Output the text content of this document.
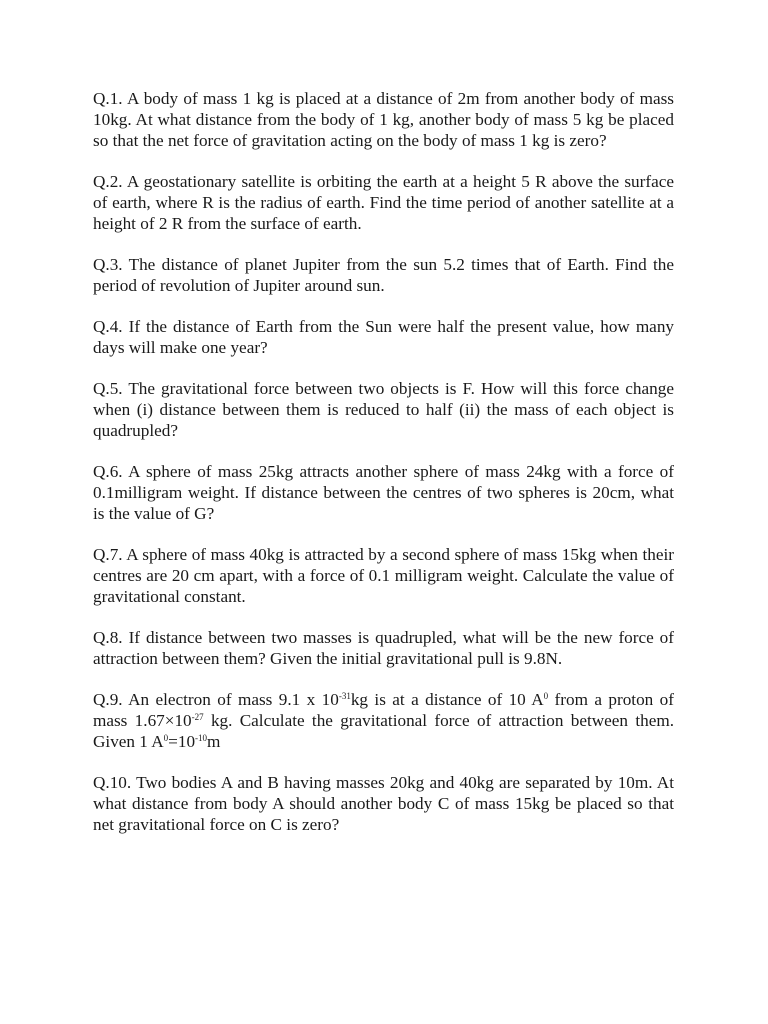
Q.1. A body of mass 1 kg is placed at a distance of 2m from another body of mass 10kg. At what distance from the body of 1 kg, another body of mass 5 kg be placed so that the net force of gravitation acting on the body of mass 1 kg is zero?

Q.2. A geostationary satellite is orbiting the earth at a height 5 R above the surface of earth, where R is the radius of earth. Find the time period of another satellite at a height of 2 R from the surface of earth.

Q.3. The distance of planet Jupiter from the sun 5.2 times that of Earth. Find the period of revolution of Jupiter around sun.

Q.4. If the distance of Earth from the Sun were half the present value, how many days will make one year?

Q.5. The gravitational force between two objects is F. How will this force change when (i) distance between them is reduced to half (ii) the mass of each object is quadrupled?

Q.6. A sphere of mass 25kg attracts another sphere of mass 24kg with a force of 0.1milligram weight. If distance between the centres of two spheres is 20cm, what is the value of G?

Q.7. A sphere of mass 40kg is attracted by a second sphere of mass 15kg when their centres are 20 cm apart, with a force of 0.1 milligram weight. Calculate the value of gravitational constant.

Q.8. If distance between two masses is quadrupled, what will be the new force of attraction between them? Given the initial gravitational pull is 9.8N.

Q.9. An electron of mass 9.1 x $10^{-31}kg$ is at a distance of 10 $A^0$ from a proton of mass $1.67\times 10^{-27}$ kg. Calculate the gravitational force of attraction between them. Given 1 $A^0=10^{-10}m$

Q.10. Two bodies A and B having masses 20kg and 40kg are separated by 10m. At what distance from body A should another body C of mass 15kg be placed so that net gravitational force on C is zero?
